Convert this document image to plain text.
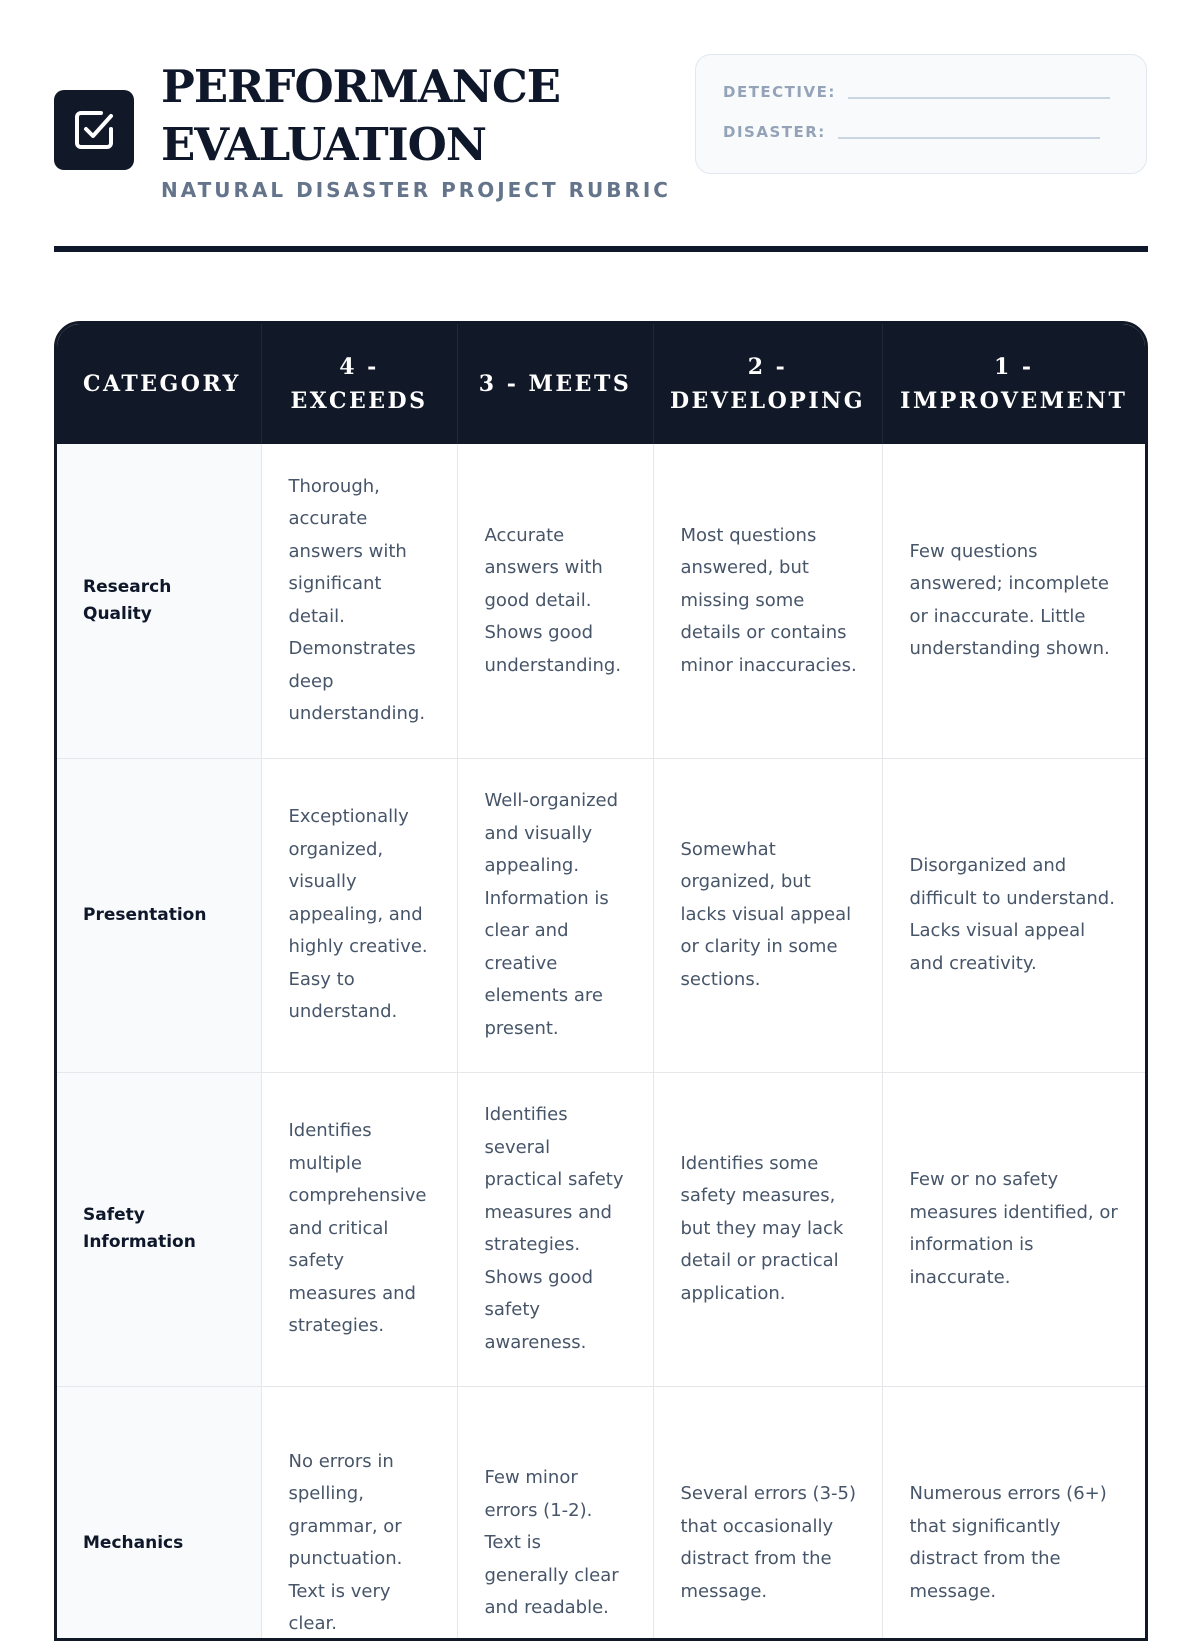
PERFORMANCE
EVALUATION
NATURAL DISASTER PROJECT RUBRIC
DETECTIVE:
DISASTER:
CATEGORY	4 - EXCEEDS	3 - MEETS	2 - DEVELOPING	1 - IMPROVEMENT
Research Quality	Thorough, accurate answers with significant detail. Demonstrates deep understanding.	Accurate answers with good detail. Shows good understanding.	Most questions answered, but missing some details or contains minor inaccuracies.	Few questions answered; incomplete or inaccurate. Little understanding shown.
Presentation	Exceptionally organized, visually appealing, and highly creative. Easy to understand.	Well-organized and visually appealing. Information is clear and creative elements are present.	Somewhat organized, but lacks visual appeal or clarity in some sections.	Disorganized and difficult to understand. Lacks visual appeal and creativity.
Safety Information	Identifies multiple comprehensive and critical safety measures and strategies.	Identifies several practical safety measures and strategies. Shows good safety awareness.	Identifies some safety measures, but they may lack detail or practical application.	Few or no safety measures identified, or information is inaccurate.
Mechanics	No errors in spelling, grammar, or punctuation. Text is very clear.	Few minor errors (1-2). Text is generally clear and readable.	Several errors (3-5) that occasionally distract from the message.	Numerous errors (6+) that significantly distract from the message.
